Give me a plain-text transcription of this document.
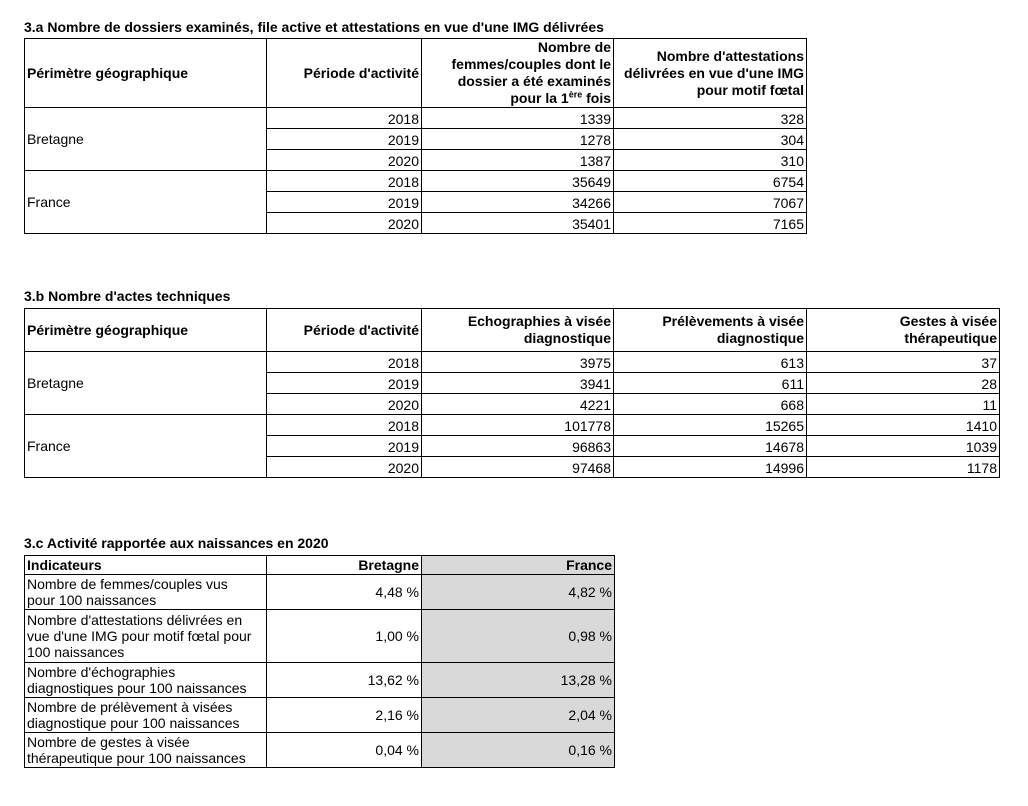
3.a Nombre de dossiers examinés, file active et attestations en vue d'une IMG délivrées
Périmètre géographique	Période d'activité	Nombre de
femmes/couples dont le
dossier a été examinés
pour la 1ère fois	Nombre d'attestations
délivrées en vue d'une IMG
pour motif fœtal
Bretagne	2018	1339	328
	2019	1278	304
	2020	1387	310
France	2018	35649	6754
	2019	34266	7067
	2020	35401	7165
3.b Nombre d'actes techniques
Périmètre géographique	Période d'activité	Echographies à visée
diagnostique	Prélèvements à visée
diagnostique	Gestes à visée
thérapeutique
Bretagne	2018	3975	613	37
	2019	3941	611	28
	2020	4221	668	11
France	2018	101778	15265	1410
	2019	96863	14678	1039
	2020	97468	14996	1178
3.c Activité rapportée aux naissances en 2020
Indicateurs	Bretagne	France
Nombre de femmes/couples vus
pour 100 naissances	4,48 %	4,82 %
Nombre d'attestations délivrées en
vue d'une IMG pour motif fœtal pour
100 naissances	1,00 %	0,98 %
Nombre d'échographies
diagnostiques pour 100 naissances	13,62 %	13,28 %
Nombre de prélèvement à visées
diagnostique pour 100 naissances	2,16 %	2,04 %
Nombre de gestes à visée
thérapeutique pour 100 naissances	0,04 %	0,16 %
